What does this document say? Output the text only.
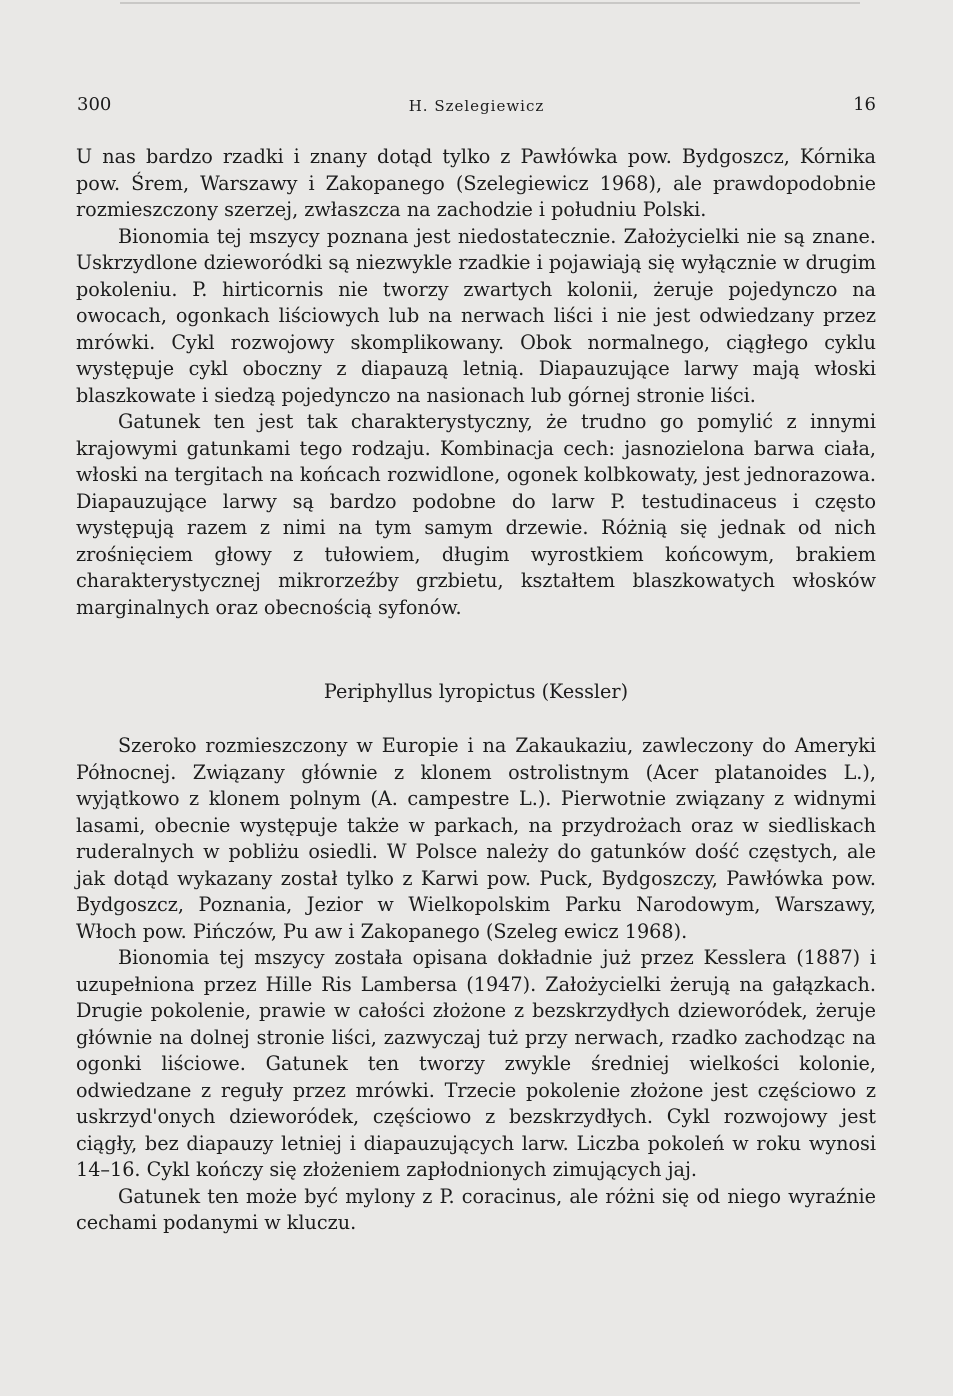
300	H. Szelegiewicz	16

U nas bardzo rzadki i znany dotąd tylko z Pawłówka pow. Bydgoszcz, Kórnika pow. Śrem, Warszawy i Zakopanego (Szelegiewicz 1968), ale prawdopodobnie rozmieszczony szerzej, zwłaszcza na zachodzie i południu Polski.

Bionomia tej mszycy poznana jest niedostatecznie. Założycielki nie są znane. Uskrzydlone dzieworódki są niezwykle rzadkie i pojawiają się wyłącznie w drugim pokoleniu. P. hirticornis nie tworzy zwartych kolonii, żeruje pojedynczo na owocach, ogonkach liściowych lub na nerwach liści i nie jest odwiedzany przez mrówki. Cykl rozwojowy skomplikowany. Obok normalnego, ciągłego cyklu występuje cykl oboczny z diapauzą letnią. Diapauzujące larwy mają włoski blaszkowate i siedzą pojedynczo na nasionach lub górnej stronie liści.

Gatunek ten jest tak charakterystyczny, że trudno go pomylić z innymi krajowymi gatunkami tego rodzaju. Kombinacja cech: jasnozielona barwa ciała, włoski na tergitach na końcach rozwidlone, ogonek kolbkowaty, jest jednorazowa. Diapauzujące larwy są bardzo podobne do larw P. testudinaceus i często występują razem z nimi na tym samym drzewie. Różnią się jednak od nich zrośnięciem głowy z tułowiem, długim wyrostkiem końcowym, brakiem charakterystycznej mikrorzeźby grzbietu, kształtem blaszkowatych włosków marginalnych oraz obecnością syfonów.

Periphyllus lyropictus (Kessler)

Szeroko rozmieszczony w Europie i na Zakaukaziu, zawleczony do Ameryki Północnej. Związany głównie z klonem ostrolistnym (Acer platanoides L.), wyjątkowo z klonem polnym (A. campestre L.). Pierwotnie związany z widnymi lasami, obecnie występuje także w parkach, na przydrożach oraz w siedliskach ruderalnych w pobliżu osiedli. W Polsce należy do gatunków dość częstych, ale jak dotąd wykazany został tylko z Karwi pow. Puck, Bydgoszczy, Pawłówka pow. Bydgoszcz, Poznania, Jezior w Wielkopolskim Parku Narodowym, Warszawy, Włoch pow. Pińczów, Pu aw i Zakopanego (Szeleg ewicz 1968).

Bionomia tej mszycy została opisana dokładnie już przez Kesslera (1887) i uzupełniona przez Hille Ris Lambersa (1947). Założycielki żerują na gałązkach. Drugie pokolenie, prawie w całości złożone z bezskrzydłych dzieworódek, żeruje głównie na dolnej stronie liści, zazwyczaj tuż przy nerwach, rzadko zachodząc na ogonki liściowe. Gatunek ten tworzy zwykle średniej wielkości kolonie, odwiedzane z reguły przez mrówki. Trzecie pokolenie złożone jest częściowo z uskrzyd'onych dzieworódek, częściowo z bezskrzydłych. Cykl rozwojowy jest ciągły, bez diapauzy letniej i diapauzujących larw. Liczba pokoleń w roku wynosi 14–16. Cykl kończy się złożeniem zapłodnionych zimujących jaj.

Gatunek ten może być mylony z P. coracinus, ale różni się od niego wyraźnie cechami podanymi w kluczu.
